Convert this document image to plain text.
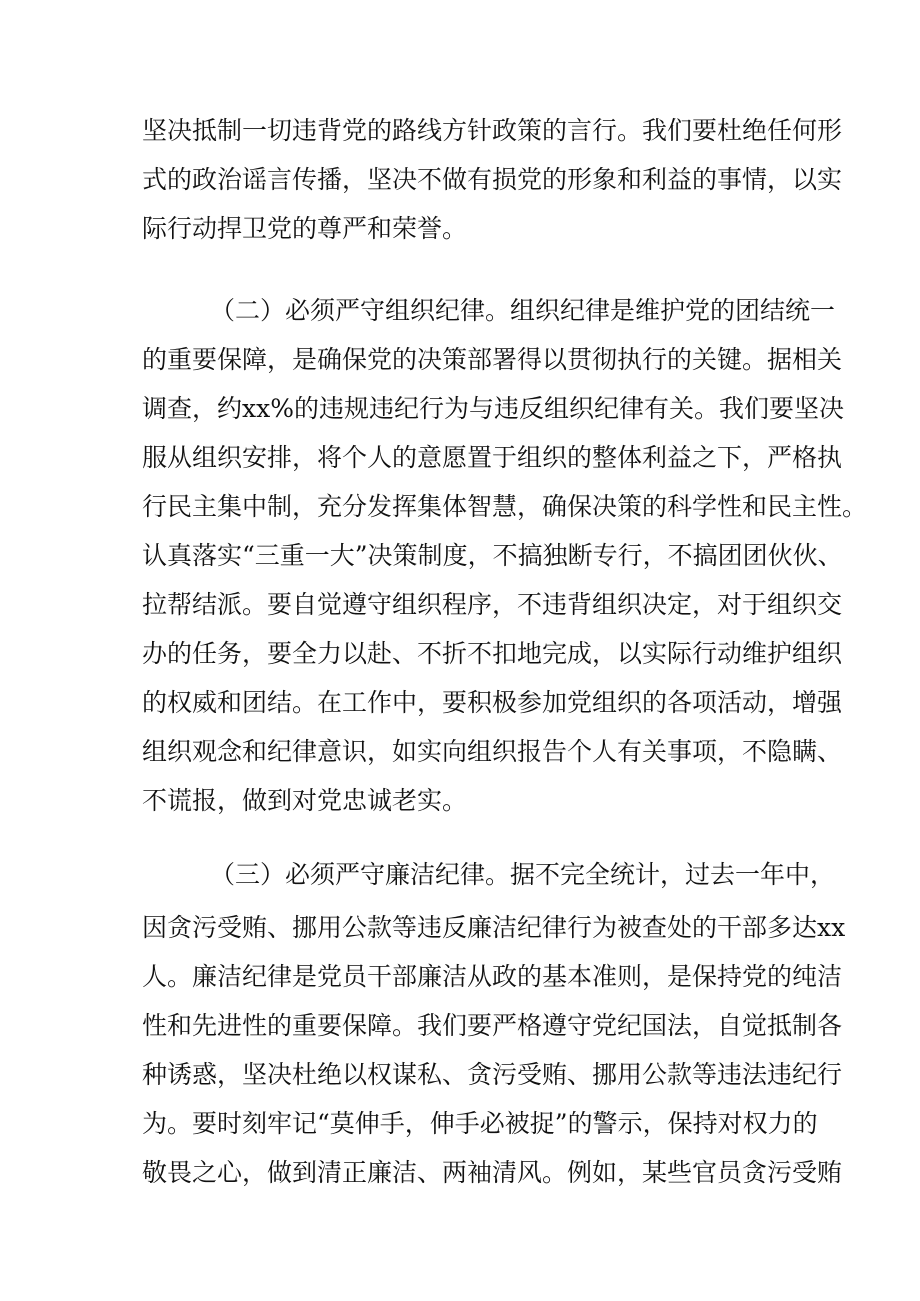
坚决抵制一切违背党的路线方针政策的言行。我们要杜绝任何形
式的政治谣言传播，坚决不做有损党的形象和利益的事情，以实
际行动捍卫党的尊严和荣誉。
（二）必须严守组织纪律。组织纪律是维护党的团结统一
的重要保障，是确保党的决策部署得以贯彻执行的关键。据相关
调查，约xx%的违规违纪行为与违反组织纪律有关。我们要坚决
服从组织安排，将个人的意愿置于组织的整体利益之下，严格执
行民主集中制，充分发挥集体智慧，确保决策的科学性和民主性。
认真落实“三重一大”决策制度，不搞独断专行，不搞团团伙伙、
拉帮结派。要自觉遵守组织程序，不违背组织决定，对于组织交
办的任务，要全力以赴、不折不扣地完成，以实际行动维护组织
的权威和团结。在工作中，要积极参加党组织的各项活动，增强
组织观念和纪律意识，如实向组织报告个人有关事项，不隐瞒、
不谎报，做到对党忠诚老实。
（三）必须严守廉洁纪律。据不完全统计，过去一年中，
因贪污受贿、挪用公款等违反廉洁纪律行为被查处的干部多达xx
人。廉洁纪律是党员干部廉洁从政的基本准则，是保持党的纯洁
性和先进性的重要保障。我们要严格遵守党纪国法，自觉抵制各
种诱惑，坚决杜绝以权谋私、贪污受贿、挪用公款等违法违纪行
为。要时刻牢记“莫伸手，伸手必被捉”的警示，保持对权力的
敬畏之心，做到清正廉洁、两袖清风。例如，某些官员贪污受贿
